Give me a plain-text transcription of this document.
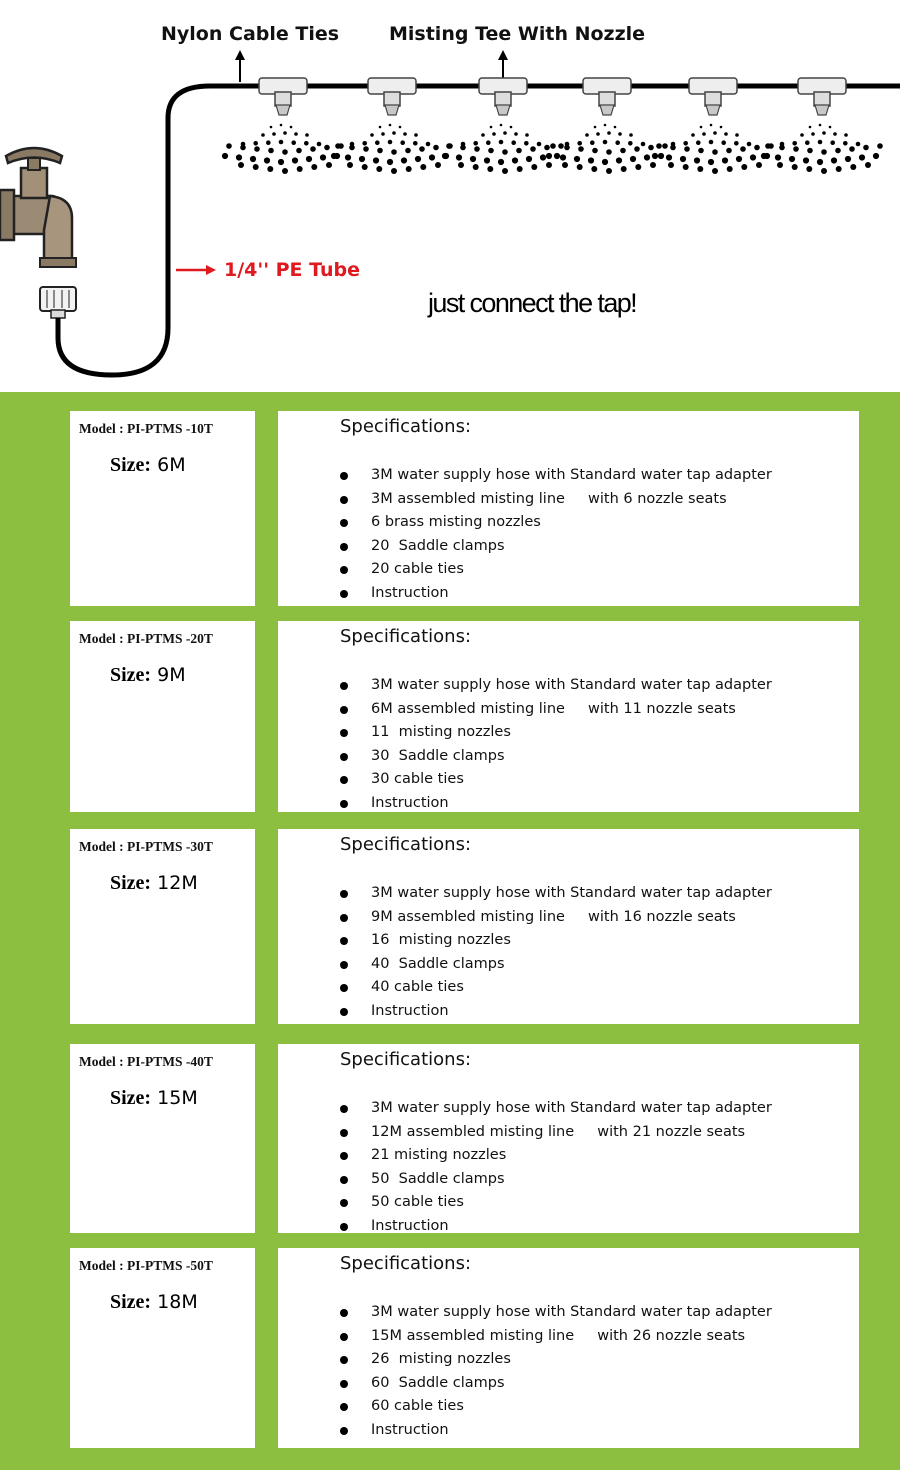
Nylon Cable Ties	Misting Tee With Nozzle
1/4'' PE Tube
just connect the tap!
Model : PI-PTMS -10T
Size: 6M
Specifications:
3M water supply hose with Standard water tap adapter
3M assembled misting line     with 6 nozzle seats
6 brass misting nozzles
20  Saddle clamps
20 cable ties
Instruction
Model : PI-PTMS -20T
Size: 9M
Specifications:
3M water supply hose with Standard water tap adapter
6M assembled misting line     with 11 nozzle seats
11  misting nozzles
30  Saddle clamps
30 cable ties
Instruction
Model : PI-PTMS -30T
Size: 12M
Specifications:
3M water supply hose with Standard water tap adapter
9M assembled misting line     with 16 nozzle seats
16  misting nozzles
40  Saddle clamps
40 cable ties
Instruction
Model : PI-PTMS -40T
Size: 15M
Specifications:
3M water supply hose with Standard water tap adapter
12M assembled misting line     with 21 nozzle seats
21 misting nozzles
50  Saddle clamps
50 cable ties
Instruction
Model : PI-PTMS -50T
Size: 18M
Specifications:
3M water supply hose with Standard water tap adapter
15M assembled misting line     with 26 nozzle seats
26  misting nozzles
60  Saddle clamps
60 cable ties
Instruction
